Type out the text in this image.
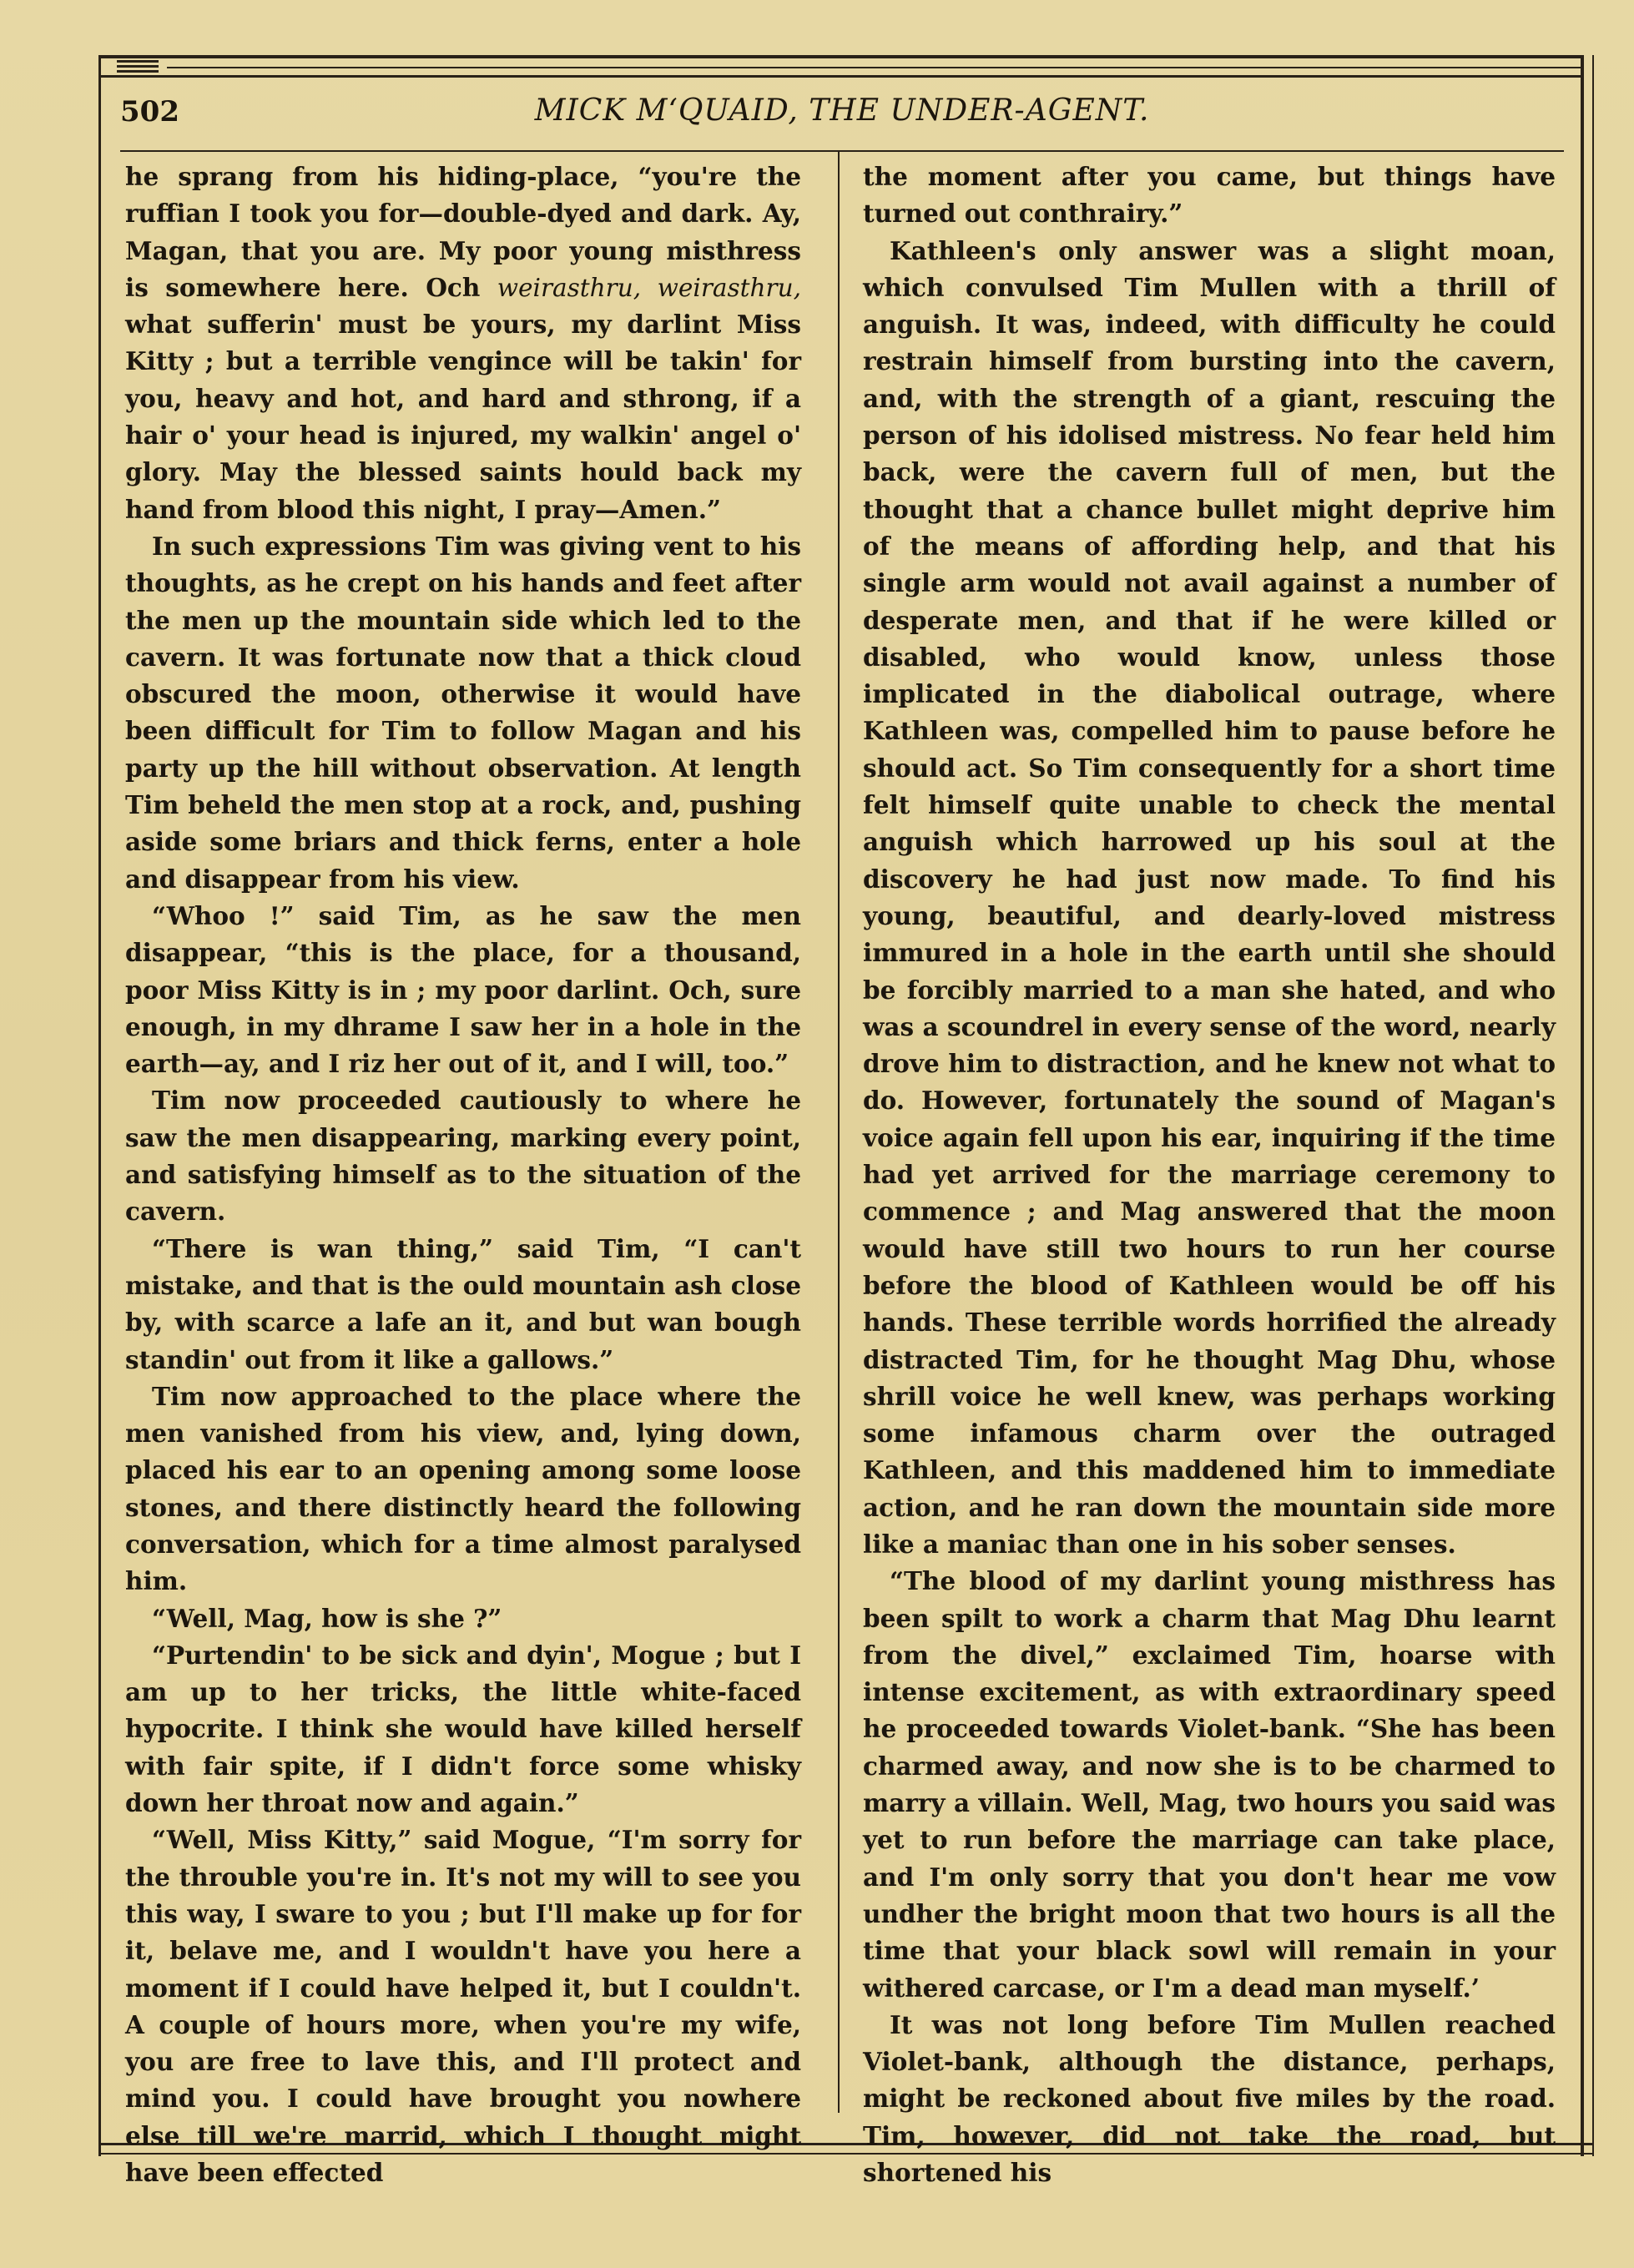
502	MICK M‘QUAID, THE UNDER-AGENT.

he sprang from his hiding-place, “you're the ruffian I took you for—double-dyed and dark. Ay, Magan, that you are. My poor young misthress is somewhere here. Och weirasthru, weirasthru, what sufferin' must be yours, my darlint Miss Kitty ; but a terrible vengince will be takin' for you, heavy and hot, and hard and sthrong, if a hair o' your head is injured, my walkin' angel o' glory. May the blessed saints hould back my hand from blood this night, I pray—Amen.”

In such expressions Tim was giving vent to his thoughts, as he crept on his hands and feet after the men up the mountain side which led to the cavern. It was fortunate now that a thick cloud obscured the moon, otherwise it would have been difficult for Tim to follow Magan and his party up the hill without observation. At length Tim beheld the men stop at a rock, and, pushing aside some briars and thick ferns, enter a hole and disappear from his view.

“Whoo !” said Tim, as he saw the men disappear, “this is the place, for a thousand, poor Miss Kitty is in ; my poor darlint. Och, sure enough, in my dhrame I saw her in a hole in the earth—ay, and I riz her out of it, and I will, too.”

Tim now proceeded cautiously to where he saw the men disappearing, marking every point, and satisfying himself as to the situation of the cavern.

“There is wan thing,” said Tim, “I can't mistake, and that is the ould mountain ash close by, with scarce a lafe an it, and but wan bough standin' out from it like a gallows.”

Tim now approached to the place where the men vanished from his view, and, lying down, placed his ear to an opening among some loose stones, and there distinctly heard the following conversation, which for a time almost paralysed him.

“Well, Mag, how is she ?”

“Purtendin' to be sick and dyin', Mogue ; but I am up to her tricks, the little white-faced hypocrite. I think she would have killed herself with fair spite, if I didn't force some whisky down her throat now and again.”

“Well, Miss Kitty,” said Mogue, “I'm sorry for the throuble you're in. It's not my will to see you this way, I sware to you ; but I'll make up for for it, belave me, and I wouldn't have you here a moment if I could have helped it, but I couldn't. A couple of hours more, when you're my wife, you are free to lave this, and I'll protect and mind you. I could have brought you nowhere else till we're marrid, which I thought might have been effected

the moment after you came, but things have turned out conthrairy.”

Kathleen's only answer was a slight moan, which convulsed Tim Mullen with a thrill of anguish. It was, indeed, with difficulty he could restrain himself from bursting into the cavern, and, with the strength of a giant, rescuing the person of his idolised mistress. No fear held him back, were the cavern full of men, but the thought that a chance bullet might deprive him of the means of affording help, and that his single arm would not avail against a number of desperate men, and that if he were killed or disabled, who would know, unless those implicated in the diabolical outrage, where Kathleen was, compelled him to pause before he should act. So Tim consequently for a short time felt himself quite unable to check the mental anguish which harrowed up his soul at the discovery he had just now made. To find his young, beautiful, and dearly-loved mistress immured in a hole in the earth until she should be forcibly married to a man she hated, and who was a scoundrel in every sense of the word, nearly drove him to distraction, and he knew not what to do. However, fortunately the sound of Magan's voice again fell upon his ear, inquiring if the time had yet arrived for the marriage ceremony to commence ; and Mag answered that the moon would have still two hours to run her course before the blood of Kathleen would be off his hands. These terrible words horrified the already distracted Tim, for he thought Mag Dhu, whose shrill voice he well knew, was perhaps working some infamous charm over the outraged Kathleen, and this maddened him to immediate action, and he ran down the mountain side more like a maniac than one in his sober senses.

“The blood of my darlint young misthress has been spilt to work a charm that Mag Dhu learnt from the divel,” exclaimed Tim, hoarse with intense excitement, as with extraordinary speed he proceeded towards Violet-bank. “She has been charmed away, and now she is to be charmed to marry a villain. Well, Mag, two hours you said was yet to run before the marriage can take place, and I'm only sorry that you don't hear me vow undher the bright moon that two hours is all the time that your black sowl will remain in your withered carcase, or I'm a dead man myself.’

It was not long before Tim Mullen reached Violet-bank, although the distance, perhaps, might be reckoned about five miles by the road. Tim, however, did not take the road, but shortened his
